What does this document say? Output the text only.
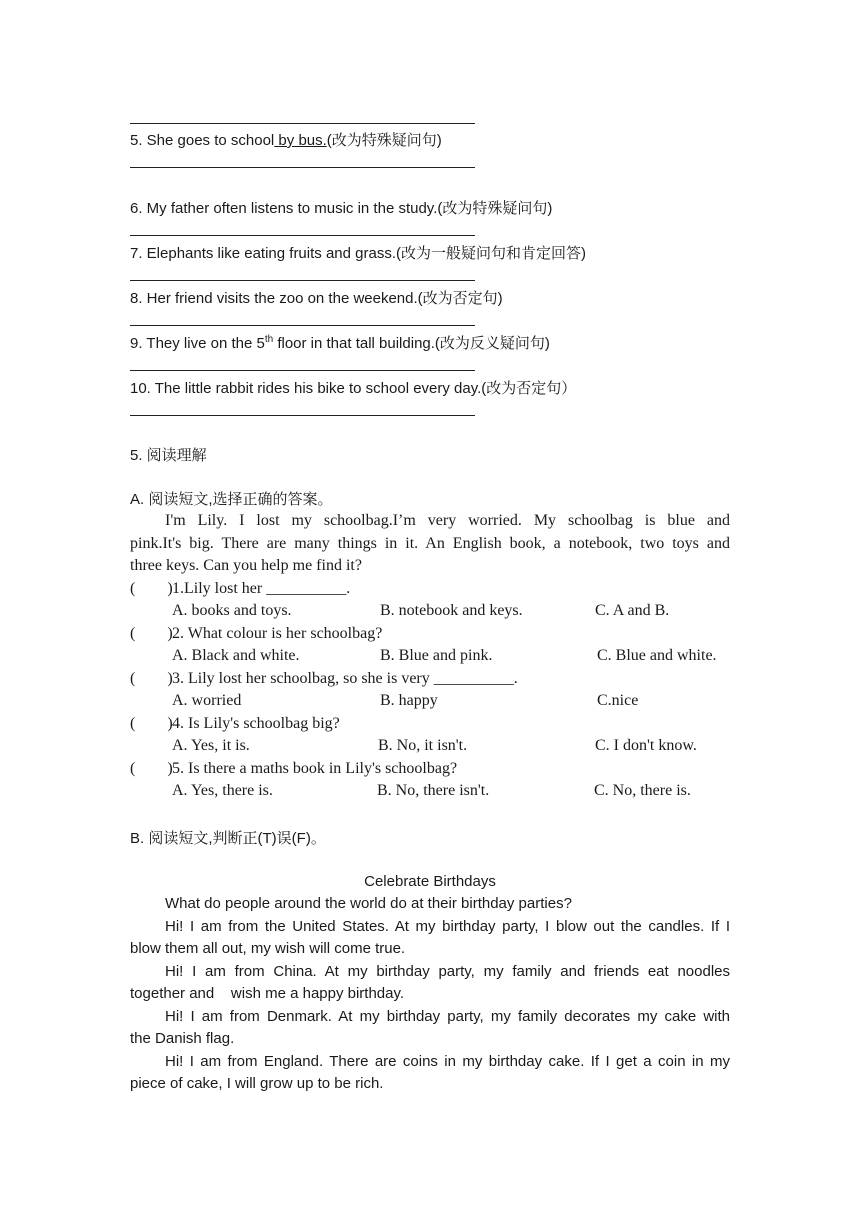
5. She goes to school by bus.(改为特殊疑问句)
6. My father often listens to music in the study.(改为特殊疑问句)
7. Elephants like eating fruits and grass.(改为一般疑问句和肯定回答)
8. Her friend visits the zoo on the weekend.(改为否定句)
9. They live on the 5th floor in that tall building.(改为反义疑问句)
10. The little rabbit rides his bike to school every day.(改为否定句）
5. 阅读理解
A. 阅读短文,选择正确的答案。
I'm Lily. I lost my schoolbag.I’m very worried. My schoolbag is blue and
pink.It's big. There are many things in it. An English book, a notebook, two toys and
three keys. Can you help me find it?
(        ) 1.Lily lost her __________.
A. books and toys.	B. notebook and keys.	C. A and B.
(        ) 2. What colour is her schoolbag?
A. Black and white.	B. Blue and pink.	C. Blue and white.
(        ) 3. Lily lost her schoolbag, so she is very __________.
A. worried	B. happy	C.nice
(        ) 4. Is Lily's schoolbag big?
A. Yes, it is.	B. No, it isn't.	C. I don't know.
(        ) 5. Is there a maths book in Lily's schoolbag?
A. Yes, there is.	B. No, there isn't.	C. No, there is.
B. 阅读短文,判断正(T)误(F)。
Celebrate Birthdays
What do people around the world do at their birthday parties?
Hi! I am from the United States. At my birthday party, I blow out the candles. If I
blow them all out, my wish will come true.
Hi! I am from China. At my birthday party, my family and friends eat noodles
together and    wish me a happy birthday.
Hi! I am from Denmark. At my birthday party, my family decorates my cake with
the Danish flag.
Hi! I am from England. There are coins in my birthday cake. If I get a coin in my
piece of cake, I will grow up to be rich.
